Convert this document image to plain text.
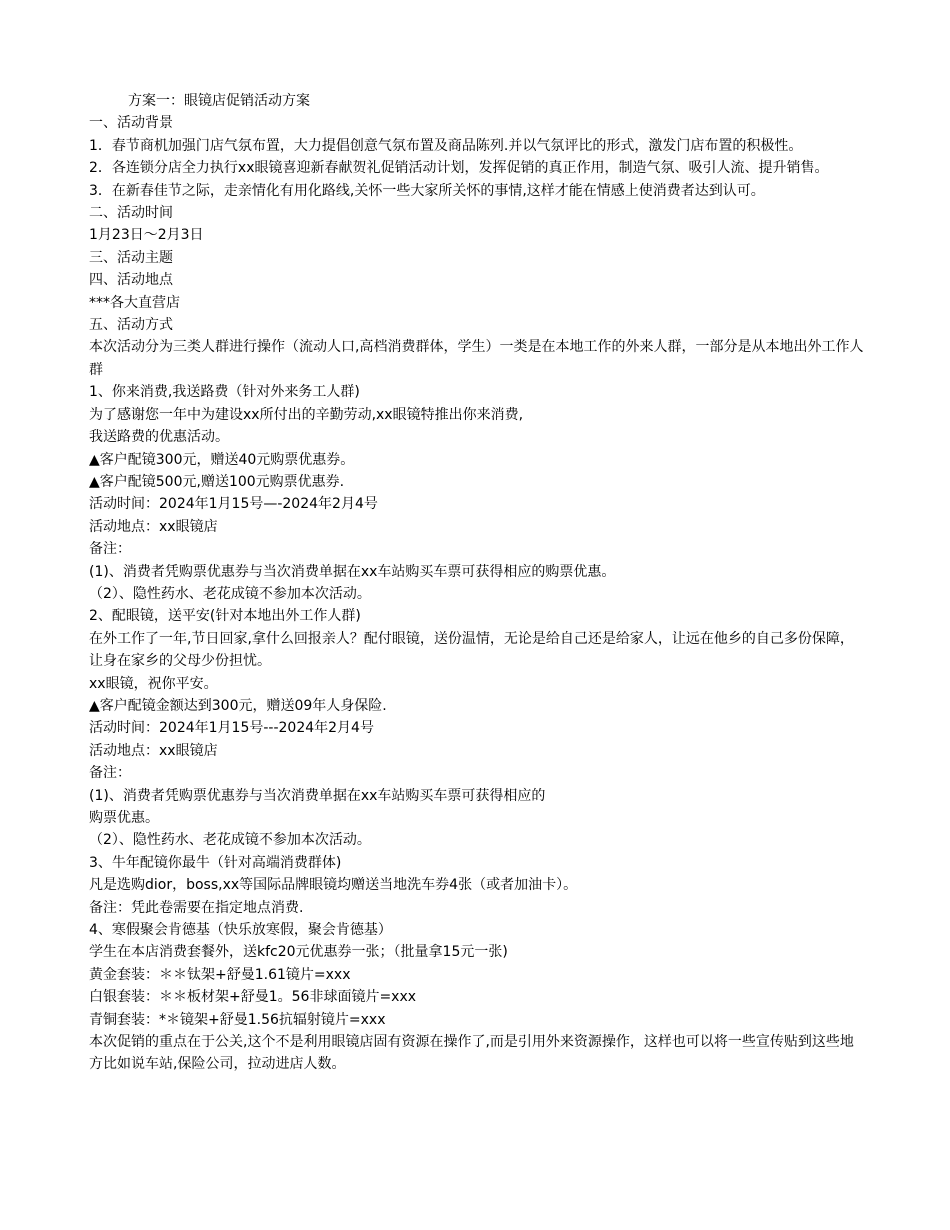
方案一：眼镜店促销活动方案

一、活动背景

1．春节商机加强门店气氛布置，大力提倡创意气氛布置及商品陈列.并以气氛评比的形式，激发门店布置的积极性。

2．各连锁分店全力执行xx眼镜喜迎新春献贺礼促销活动计划，发挥促销的真正作用，制造气氛、吸引人流、提升销售。

3．在新春佳节之际，走亲情化有用化路线,关怀一些大家所关怀的事情,这样才能在情感上使消费者达到认可。

二、活动时间

1月23日～2月3日

三、活动主题

四、活动地点

***各大直营店

五、活动方式

本次活动分为三类人群进行操作（流动人口,高档消费群体，学生）一类是在本地工作的外来人群，一部分是从本地出外工作人群

1、你来消费,我送路费（针对外来务工人群)

为了感谢您一年中为建设xx所付出的辛勤劳动,xx眼镜特推出你来消费,

我送路费的优惠活动。

▲客户配镜300元，赠送40元购票优惠券。

▲客户配镜500元,赠送100元购票优惠券.

活动时间：2024年1月15号—-2024年2月4号

活动地点：xx眼镜店

备注：

(1)、消费者凭购票优惠券与当次消费单据在xx车站购买车票可获得相应的购票优惠。

（2）、隐性药水、老花成镜不参加本次活动。

2、配眼镜，送平安(针对本地出外工作人群)

在外工作了一年,节日回家,拿什么回报亲人？配付眼镜，送份温情，无论是给自己还是给家人，让远在他乡的自己多份保障，让身在家乡的父母少份担忧。

xx眼镜，祝你平安。

▲客户配镜金额达到300元，赠送09年人身保险.

活动时间：2024年1月15号---2024年2月4号

活动地点：xx眼镜店

备注：

(1)、消费者凭购票优惠券与当次消费单据在xx车站购买车票可获得相应的

购票优惠。

（2）、隐性药水、老花成镜不参加本次活动。

3、牛年配镜你最牛（针对高端消费群体)

凡是选购dior，boss,xx等国际品牌眼镜均赠送当地洗车券4张（或者加油卡）。

备注：凭此卷需要在指定地点消费.

4、寒假聚会肯德基（快乐放寒假，聚会肯德基）

学生在本店消费套餐外，送kfc20元优惠券一张；（批量拿15元一张)

黄金套装：＊＊钛架+舒曼1.61镜片=xxx

白银套装：＊＊板材架+舒曼1。56非球面镜片=xxx

青铜套装：*＊镜架+舒曼1.56抗辐射镜片=xxx

本次促销的重点在于公关,这个不是利用眼镜店固有资源在操作了,而是引用外来资源操作，这样也可以将一些宣传贴到这些地方比如说车站,保险公司，拉动进店人数。
